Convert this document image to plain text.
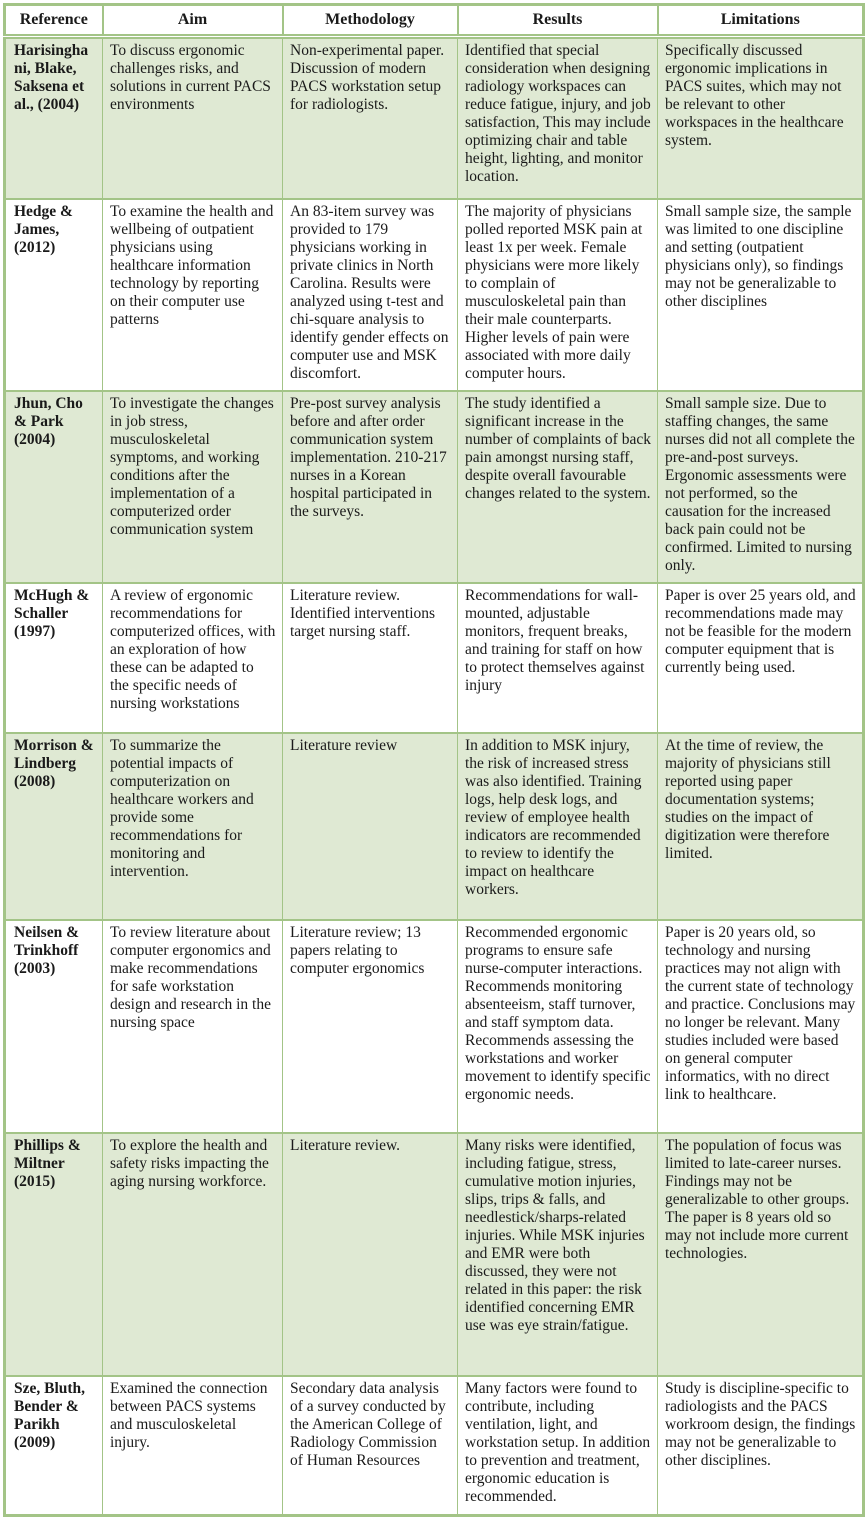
Reference	Aim	Methodology	Results	Limitations
Harisinghani, Blake, Saksena et al., (2004)	To discuss ergonomic challenges risks, and solutions in current PACS environments	Non-experimental paper. Discussion of modern PACS workstation setup for radiologists.	Identified that special consideration when designing radiology workspaces can reduce fatigue, injury, and job satisfaction, This may include optimizing chair and table height, lighting, and monitor location.	Specifically discussed ergonomic implications in PACS suites, which may not be relevant to other workspaces in the healthcare system.
Hedge & James, (2012)	To examine the health and wellbeing of outpatient physicians using healthcare information technology by reporting on their computer use patterns	An 83-item survey was provided to 179 physicians working in private clinics in North Carolina. Results were analyzed using t-test and chi-square analysis to identify gender effects on computer use and MSK discomfort.	The majority of physicians polled reported MSK pain at least 1x per week. Female physicians were more likely to complain of musculoskeletal pain than their male counterparts. Higher levels of pain were associated with more daily computer hours.	Small sample size, the sample was limited to one discipline and setting (outpatient physicians only), so findings may not be generalizable to other disciplines
Jhun, Cho & Park (2004)	To investigate the changes in job stress, musculoskeletal symptoms, and working conditions after the implementation of a computerized order communication system	Pre-post survey analysis before and after order communication system implementation. 210-217 nurses in a Korean hospital participated in the surveys.	The study identified a significant increase in the number of complaints of back pain amongst nursing staff, despite overall favourable changes related to the system.	Small sample size. Due to staffing changes, the same nurses did not all complete the pre-and-post surveys. Ergonomic assessments were not performed, so the causation for the increased back pain could not be confirmed. Limited to nursing only.
McHugh & Schaller (1997)	A review of ergonomic recommendations for computerized offices, with an exploration of how these can be adapted to the specific needs of nursing workstations	Literature review. Identified interventions target nursing staff.	Recommendations for wall-mounted, adjustable monitors, frequent breaks, and training for staff on how to protect themselves against injury	Paper is over 25 years old, and recommendations made may not be feasible for the modern computer equipment that is currently being used.
Morrison & Lindberg (2008)	To summarize the potential impacts of computerization on healthcare workers and provide some recommendations for monitoring and intervention.	Literature review	In addition to MSK injury, the risk of increased stress was also identified. Training logs, help desk logs, and review of employee health indicators are recommended to review to identify the impact on healthcare workers.	At the time of review, the majority of physicians still reported using paper documentation systems; studies on the impact of digitization were therefore limited.
Neilsen & Trinkhoff (2003)	To review literature about computer ergonomics and make recommendations for safe workstation design and research in the nursing space	Literature review; 13 papers relating to computer ergonomics	Recommended ergonomic programs to ensure safe nurse-computer interactions. Recommends monitoring absenteeism, staff turnover, and staff symptom data. Recommends assessing the workstations and worker movement to identify specific ergonomic needs.	Paper is 20 years old, so technology and nursing practices may not align with the current state of technology and practice. Conclusions may no longer be relevant. Many studies included were based on general computer informatics, with no direct link to healthcare.
Phillips & Miltner (2015)	To explore the health and safety risks impacting the aging nursing workforce.	Literature review.	Many risks were identified, including fatigue, stress, cumulative motion injuries, slips, trips & falls, and needlestick/sharps-related injuries. While MSK injuries and EMR were both discussed, they were not related in this paper: the risk identified concerning EMR use was eye strain/fatigue.	The population of focus was limited to late-career nurses. Findings may not be generalizable to other groups. The paper is 8 years old so may not include more current technologies.
Sze, Bluth, Bender & Parikh (2009)	Examined the connection between PACS systems and musculoskeletal injury.	Secondary data analysis of a survey conducted by the American College of Radiology Commission of Human Resources	Many factors were found to contribute, including ventilation, light, and workstation setup. In addition to prevention and treatment, ergonomic education is recommended.	Study is discipline-specific to radiologists and the PACS workroom design, the findings may not be generalizable to other disciplines.
